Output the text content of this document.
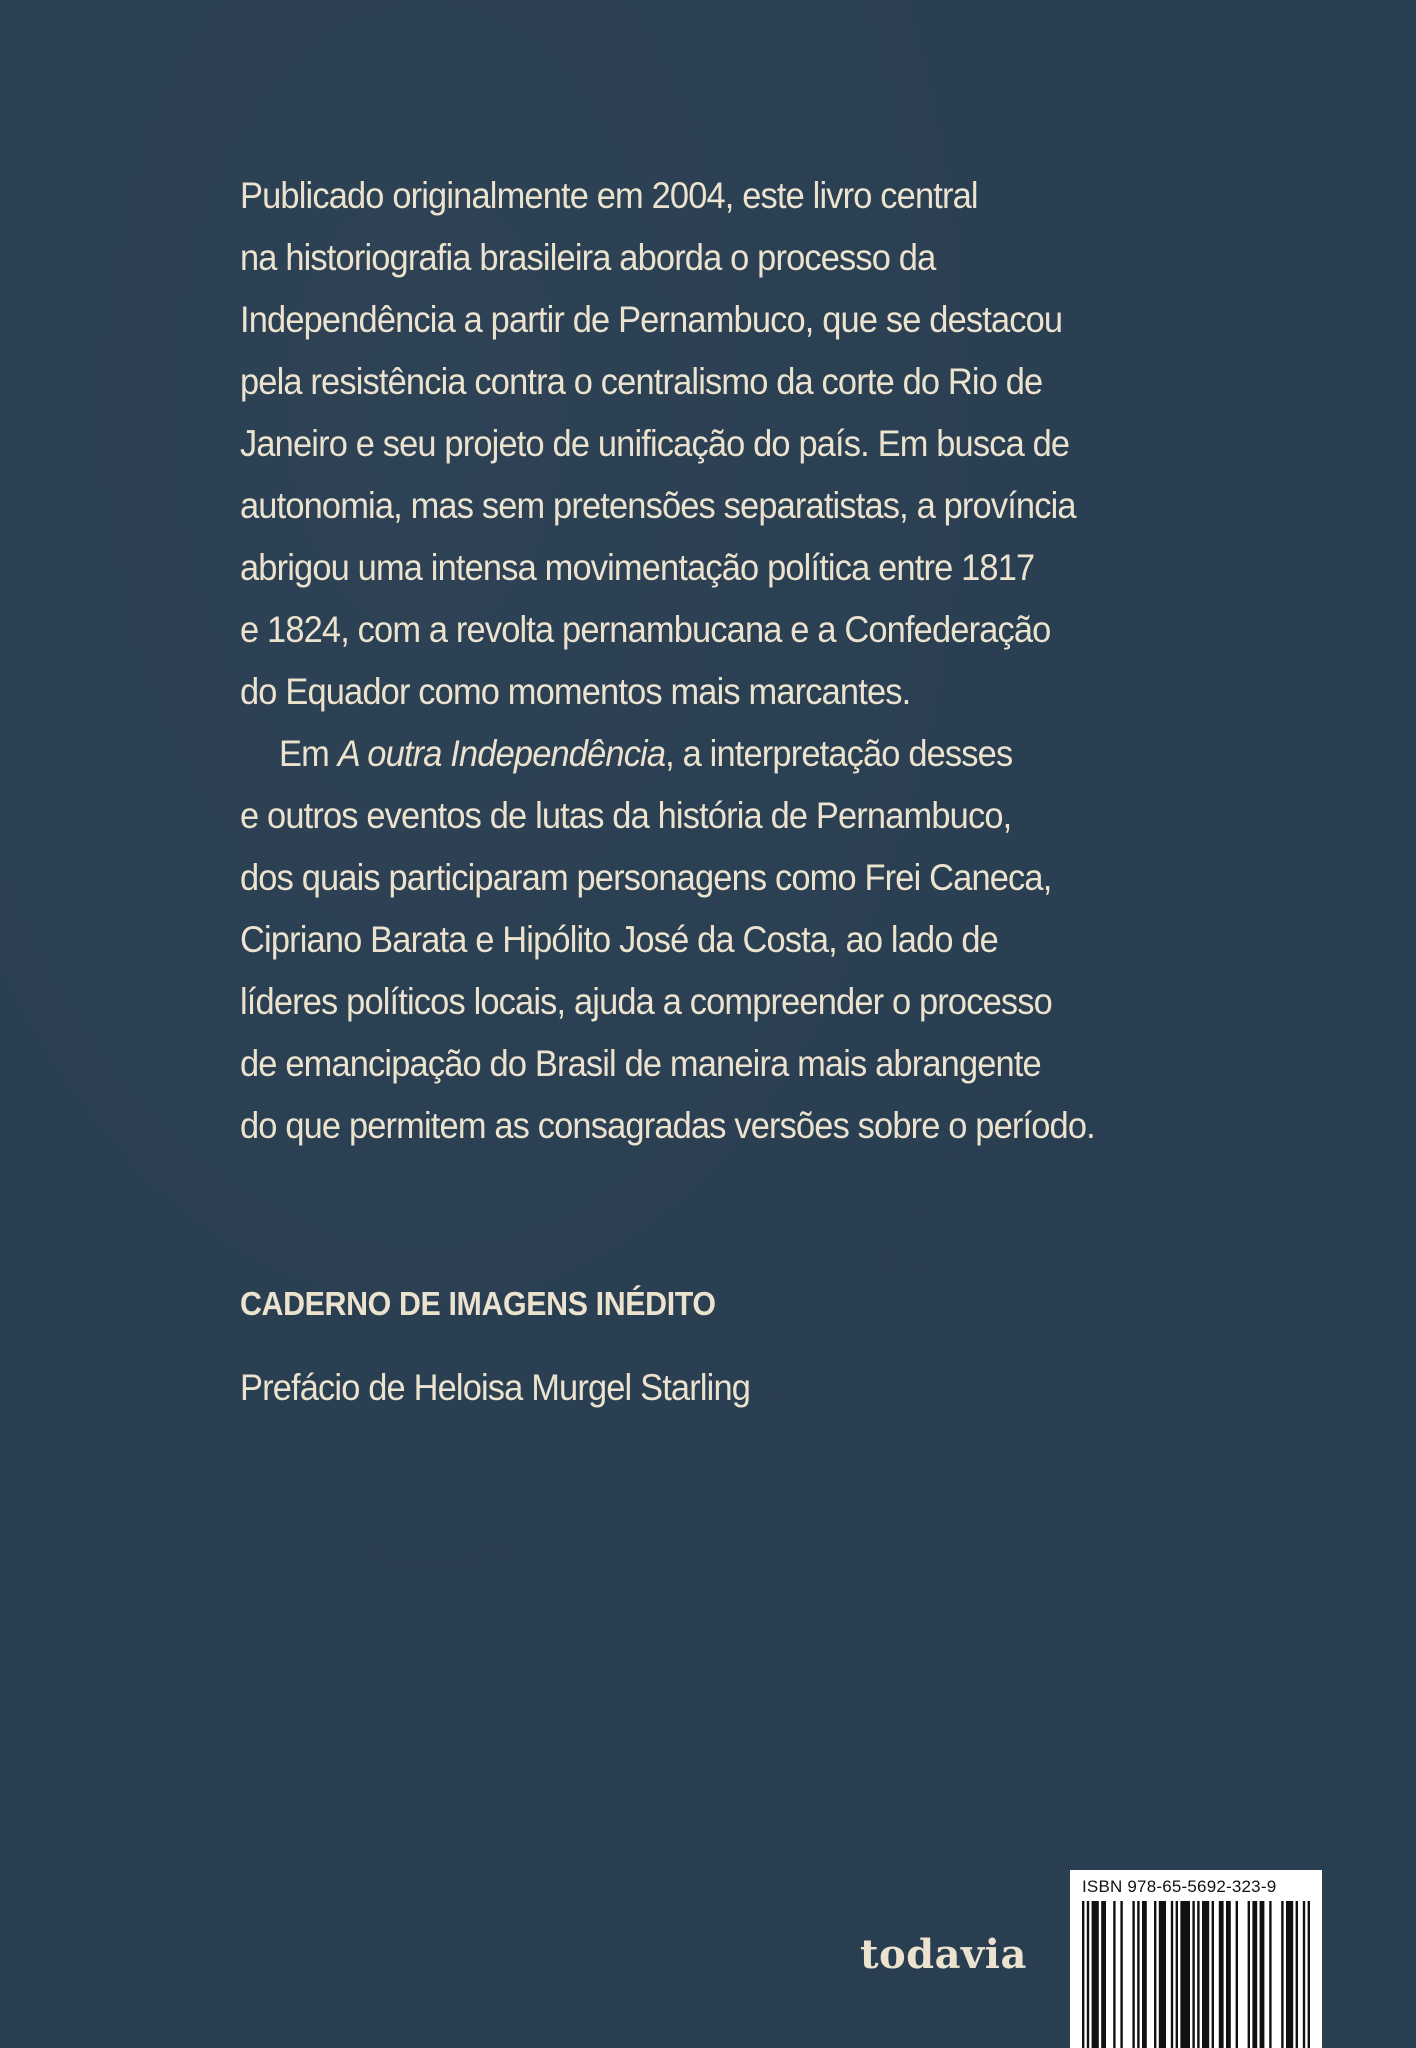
Publicado originalmente em 2004, este livro central
na historiografia brasileira aborda o processo da
Independência a partir de Pernambuco, que se destacou
pela resistência contra o centralismo da corte do Rio de
Janeiro e seu projeto de unificação do país. Em busca de
autonomia, mas sem pretensões separatistas, a província
abrigou uma intensa movimentação política entre 1817
e 1824, com a revolta pernambucana e a Confederação
do Equador como momentos mais marcantes.
Em A outra Independência, a interpretação desses
e outros eventos de lutas da história de Pernambuco,
dos quais participaram personagens como Frei Caneca,
Cipriano Barata e Hipólito José da Costa, ao lado de
líderes políticos locais, ajuda a compreender o processo
de emancipação do Brasil de maneira mais abrangente
do que permitem as consagradas versões sobre o período.
CADERNO DE IMAGENS INÉDITO
Prefácio de Heloisa Murgel Starling
todavia
ISBN 978-65-5692-323-9
